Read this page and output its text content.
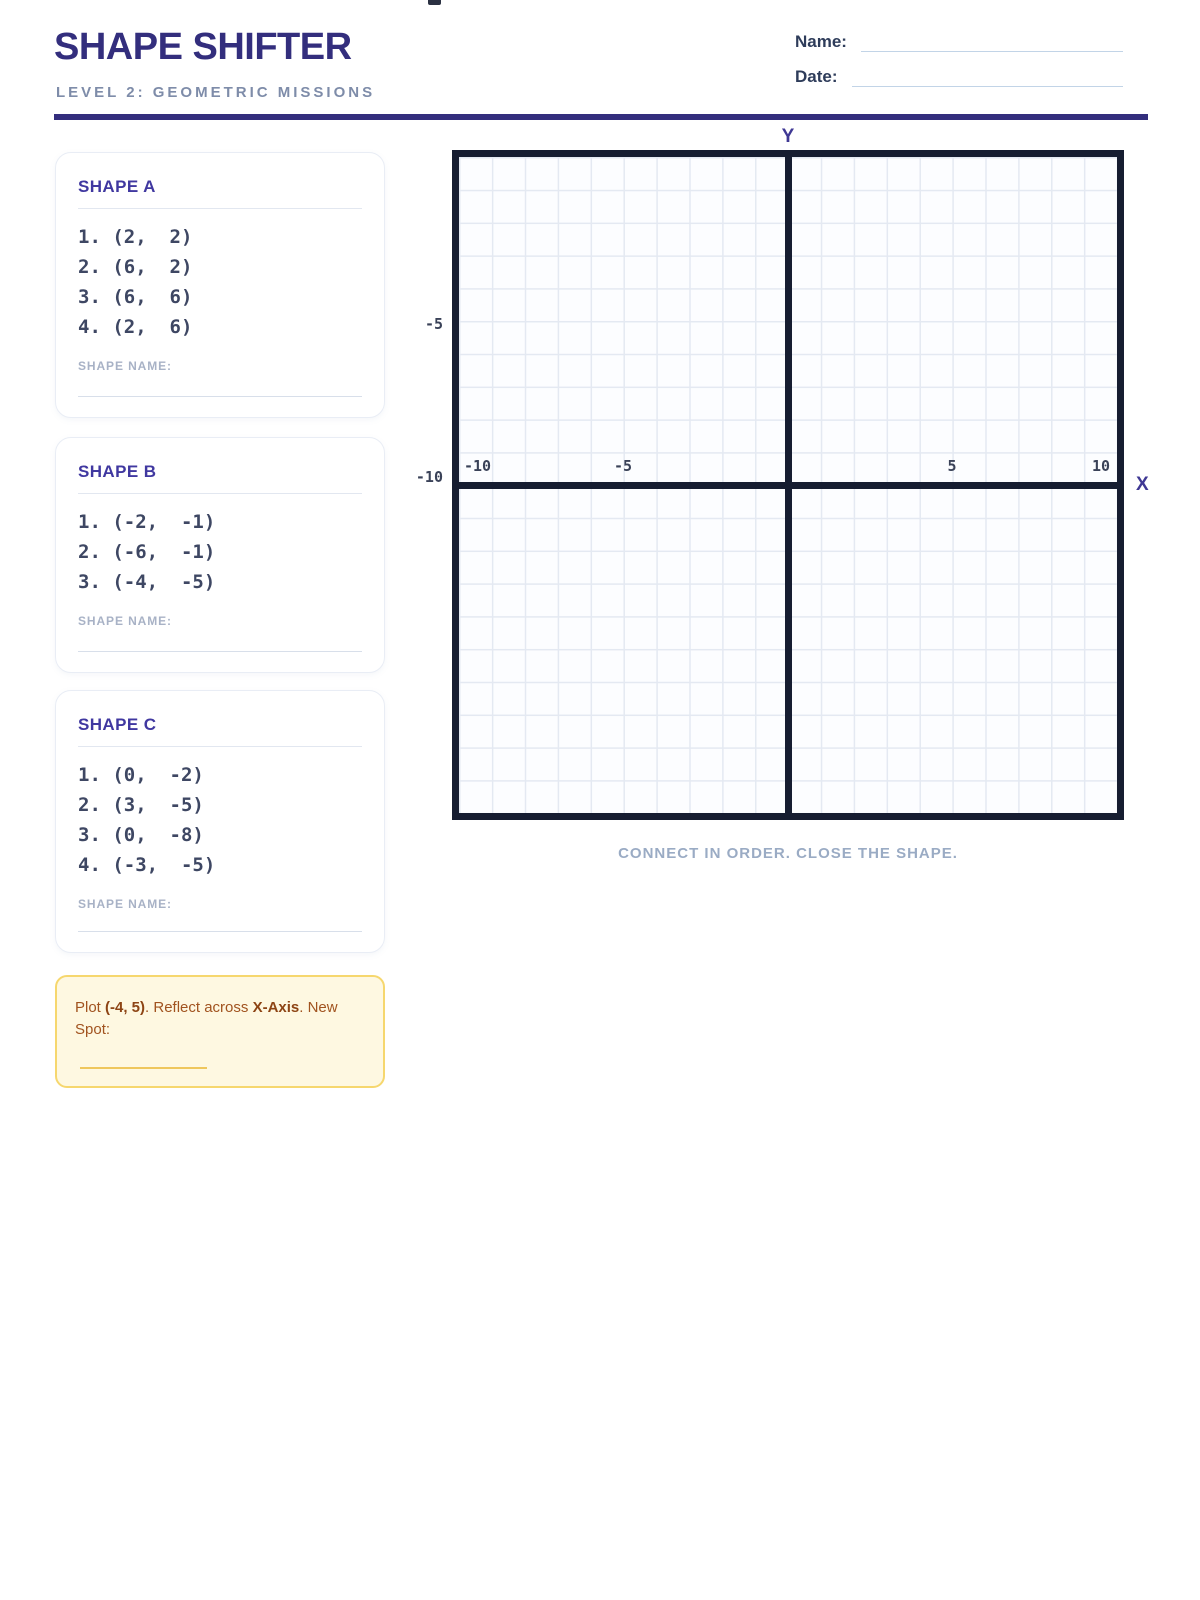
SHAPE SHIFTER
LEVEL 2: GEOMETRIC MISSIONS
Name:
Date:
SHAPE A
1. (2,  2)
2. (6,  2)
3. (6,  6)
4. (2,  6)
SHAPE NAME:
SHAPE B
1. (-2,  -1)
2. (-6,  -1)
3. (-4,  -5)
SHAPE NAME:
SHAPE C
1. (0,  -2)
2. (3,  -5)
3. (0,  -8)
4. (-3,  -5)
SHAPE NAME:
Plot (-4, 5). Reflect across X-Axis. New Spot:
Y
X
-5
-10
-10	-5	5	10
CONNECT IN ORDER. CLOSE THE SHAPE.
